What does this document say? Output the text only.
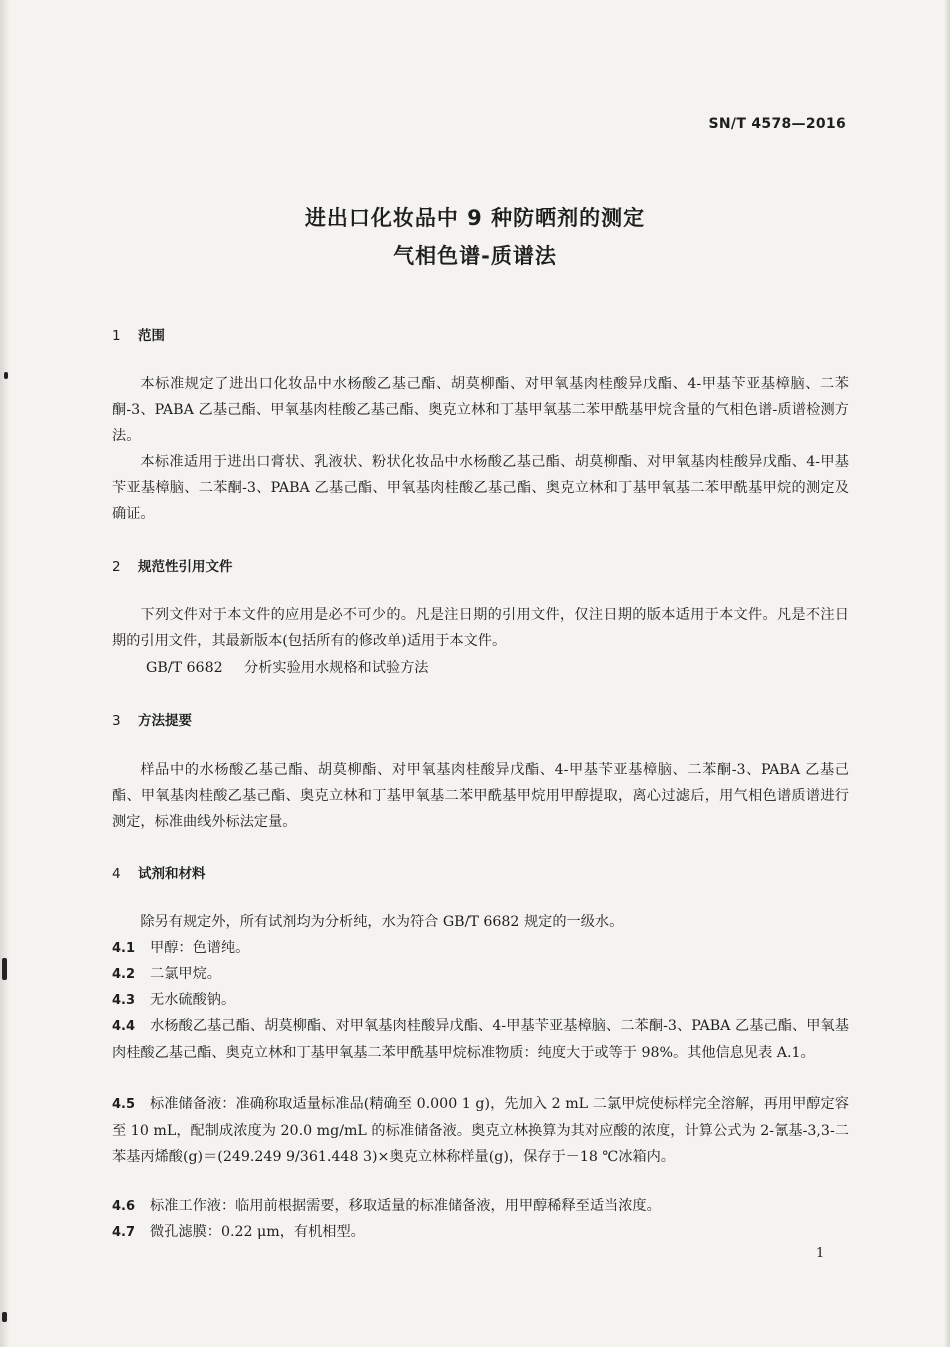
SN/T 4578—2016
进出口化妆品中 9 种防晒剂的测定
气相色谱-质谱法
1 范围
本标准规定了进出口化妆品中水杨酸乙基己酯、胡莫柳酯、对甲氧基肉桂酸异戊酯、4-甲基苄亚基樟脑、二苯酮-3、PABA 乙基己酯、甲氧基肉桂酸乙基己酯、奥克立林和丁基甲氧基二苯甲酰基甲烷含量的气相色谱-质谱检测方法。
本标准适用于进出口膏状、乳液状、粉状化妆品中水杨酸乙基己酯、胡莫柳酯、对甲氧基肉桂酸异戊酯、4-甲基苄亚基樟脑、二苯酮-3、PABA 乙基己酯、甲氧基肉桂酸乙基己酯、奥克立林和丁基甲氧基二苯甲酰基甲烷的测定及确证。
2 规范性引用文件
下列文件对于本文件的应用是必不可少的。凡是注日期的引用文件，仅注日期的版本适用于本文件。凡是不注日期的引用文件，其最新版本(包括所有的修改单)适用于本文件。
GB/T 6682 分析实验用水规格和试验方法
3 方法提要
样品中的水杨酸乙基己酯、胡莫柳酯、对甲氧基肉桂酸异戊酯、4-甲基苄亚基樟脑、二苯酮-3、PABA 乙基己酯、甲氧基肉桂酸乙基己酯、奥克立林和丁基甲氧基二苯甲酰基甲烷用甲醇提取，离心过滤后，用气相色谱质谱进行测定，标准曲线外标法定量。
4 试剂和材料
除另有规定外，所有试剂均为分析纯，水为符合 GB/T 6682 规定的一级水。
4.1 甲醇：色谱纯。
4.2 二氯甲烷。
4.3 无水硫酸钠。
4.4 水杨酸乙基己酯、胡莫柳酯、对甲氧基肉桂酸异戊酯、4-甲基苄亚基樟脑、二苯酮-3、PABA 乙基己酯、甲氧基肉桂酸乙基己酯、奥克立林和丁基甲氧基二苯甲酰基甲烷标准物质：纯度大于或等于 98%。其他信息见表 A.1。
4.5 标准储备液：准确称取适量标准品(精确至 0.000 1 g)，先加入 2 mL 二氯甲烷使标样完全溶解，再用甲醇定容至 10 mL，配制成浓度为 20.0 mg/mL 的标准储备液。奥克立林换算为其对应酸的浓度，计算公式为 2-氰基-3,3-二苯基丙烯酸(g)＝(249.249 9/361.448 3)×奥克立林称样量(g)，保存于－18 ℃冰箱内。
4.6 标准工作液：临用前根据需要，移取适量的标准储备液，用甲醇稀释至适当浓度。
4.7 微孔滤膜：0.22 μm，有机相型。
1
